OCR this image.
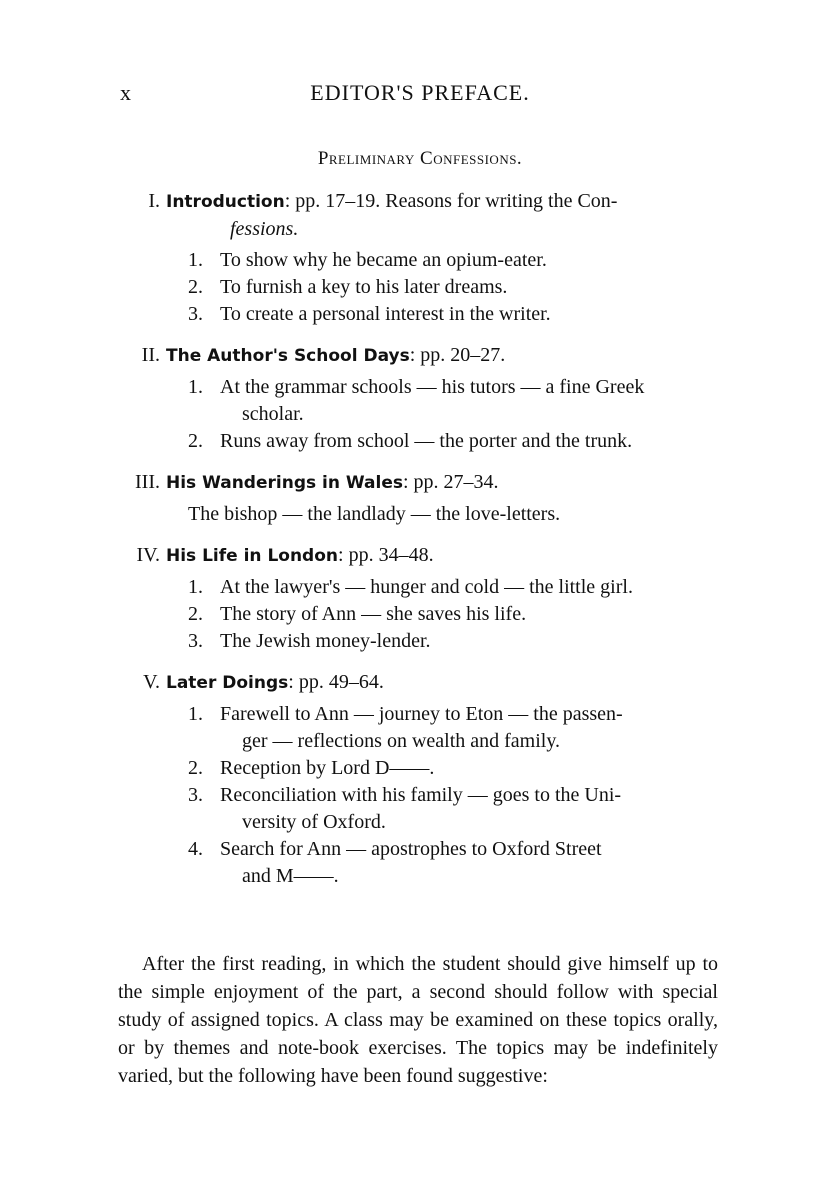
x	EDITOR'S PREFACE.
Preliminary Confessions.
I. Introduction: pp. 17–19. Reasons for writing the Con-
fessions.
1. To show why he became an opium-eater.
2. To furnish a key to his later dreams.
3. To create a personal interest in the writer.
II. The Author's School Days: pp. 20–27.
1. At the grammar schools — his tutors — a fine Greek
scholar.
2. Runs away from school — the porter and the trunk.
III. His Wanderings in Wales: pp. 27–34.
The bishop — the landlady — the love-letters.
IV. His Life in London: pp. 34–48.
1. At the lawyer's — hunger and cold — the little girl.
2. The story of Ann — she saves his life.
3. The Jewish money-lender.
V. Later Doings: pp. 49–64.
1. Farewell to Ann — journey to Eton — the passen-
ger — reflections on wealth and family.
2. Reception by Lord D——.
3. Reconciliation with his family — goes to the Uni-
versity of Oxford.
4. Search for Ann — apostrophes to Oxford Street
and M——.

After the first reading, in which the student should give himself up to the simple enjoyment of the part, a second should follow with special study of assigned topics. A class may be examined on these topics orally, or by themes and note-book exercises. The topics may be indefinitely varied, but the following have been found suggestive:
